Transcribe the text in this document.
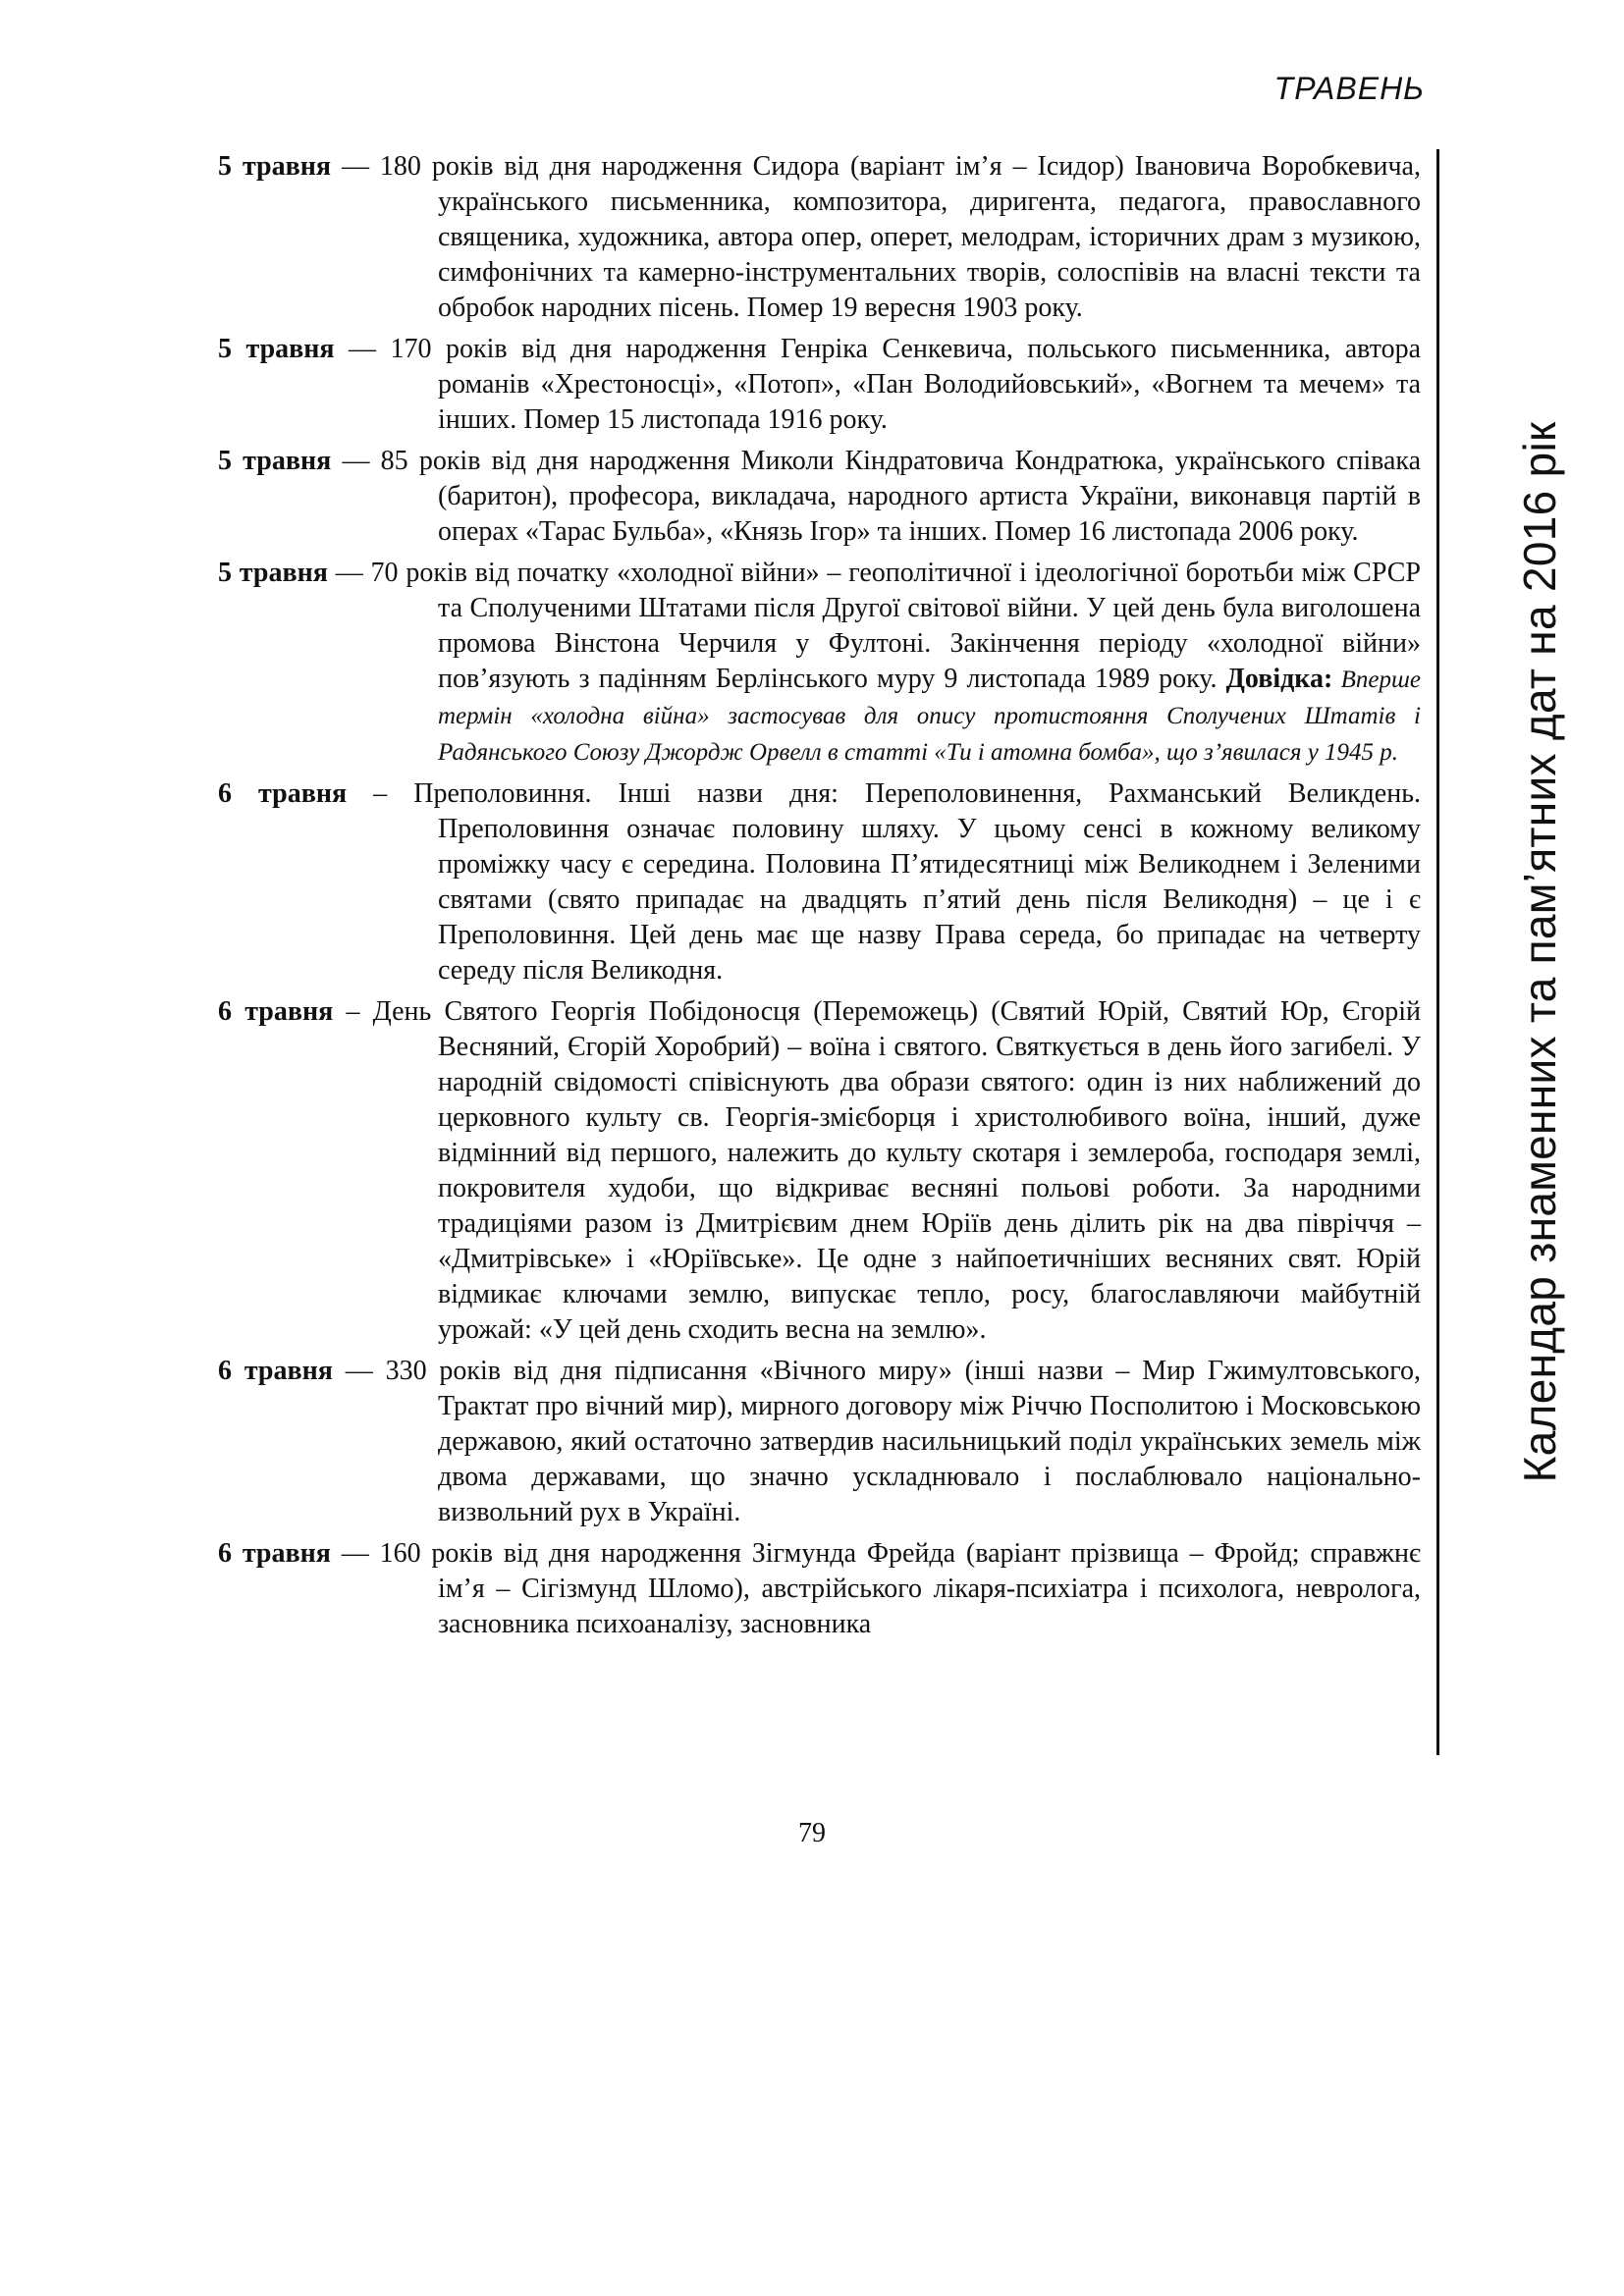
ТРАВЕНЬ
Календар знаменних та пам’ятних дат на 2016 рік

5 травня — 180 років від дня народження Сидора (варіант ім’я – Ісидор) Івановича Воробкевича, українського письменника, композитора, диригента, педагога, православного священика, художника, автора опер, оперет, мелодрам, історичних драм з музикою, симфонічних та камерно-інструментальних творів, солоспівів на власні тексти та обробок народних пісень. Помер 19 вересня 1903 року.

5 травня — 170 років від дня народження Генріка Сенкевича, польського письменника, автора романів «Хрестоносці», «Потоп», «Пан Володийовський», «Вогнем та мечем» та інших. Помер 15 листопада 1916 року.

5 травня — 85 років від дня народження Миколи Кіндратовича Кондратюка, українського співака (баритон), професора, викладача, народного артиста України, виконавця партій в операх «Тарас Бульба», «Князь Ігор» та інших. Помер 16 листопада 2006 року.

5 травня — 70 років від початку «холодної війни» – геополітичної і ідеологічної боротьби між СРСР та Сполученими Штатами після Другої світової війни. У цей день була виголошена промова Вінстона Черчиля у Фултоні. Закінчення періоду «холодної війни» пов’язують з падінням Берлінського муру 9 листопада 1989 року. Довідка: Вперше термін «холодна війна» застосував для опису протистояння Сполучених Штатів і Радянського Союзу Джордж Орвелл в статті «Ти і атомна бомба», що з’явилася у 1945 р.

6 травня – Преполовиння. Інші назви дня: Переполовинення, Рахманський Великдень. Преполовиння означає половину шляху. У цьому сенсі в кожному великому проміжку часу є середина. Половина П’ятидесятниці між Великоднем і Зеленими святами (свято припадає на двадцять п’ятий день після Великодня) – це і є Преполовиння. Цей день має ще назву Права середа, бо припадає на четверту середу після Великодня.

6 травня – День Святого Георгія Побідоносця (Переможець) (Святий Юрій, Святий Юр, Єгорій Весняний, Єгорій Хоробрий) – воїна і святого. Святкується в день його загибелі. У народній свідомості співіснують два образи святого: один із них наближений до церковного культу св. Георгія-змієборця і христолюбивого воїна, інший, дуже відмінний від першого, належить до культу скотаря і землероба, господаря землі, покровителя худоби, що відкриває весняні польові роботи. За народними традиціями разом із Дмитрієвим днем Юріїв день ділить рік на два півріччя – «Дмитрівське» і «Юріївське». Це одне з найпоетичніших весняних свят. Юрій відмикає ключами землю, випускає тепло, росу, благославляючи майбутній урожай: «У цей день сходить весна на землю».

6 травня — 330 років від дня підписання «Вічного миру» (інші назви – Мир Гжимултовського, Трактат про вічний мир), мирного договору між Річчю Посполитою і Московською державою, який остаточно затвердив насильницький поділ українських земель між двома державами, що значно ускладнювало і послаблювало національно-визвольний рух в Україні.

6 травня — 160 років від дня народження Зігмунда Фрейда (варіант прізвища – Фройд; справжнє ім’я – Сігізмунд Шломо), австрійського лікаря-психіатра і психолога, невролога, засновника психоаналізу, засновника

79
